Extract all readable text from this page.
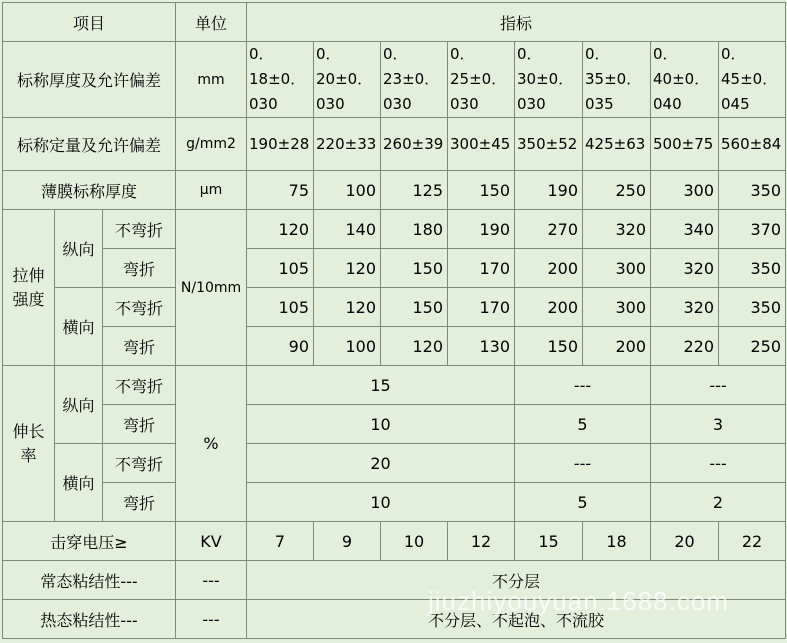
项目			单位	指标							
标称厚度及允许偏差			mm	0．18±0．030	0．20±0．030	0．23±0．030	0．25±0．030	0．30±0．030	0．35±0．035	0．40±0．040	0．45±0．045
标称定量及允许偏差			g/mm2	190±28	220±33	260±39	300±45	350±52	425±63	500±75	560±84
薄膜标称厚度			μm	75	100	125	150	190	250	300	350
拉伸强度	纵向	不弯折	N/10mm	120	140	180	190	270	320	340	370
		弯折		105	120	150	170	200	300	320	350
	横向	不弯折		105	120	150	170	200	300	320	350
		弯折		90	100	120	130	150	200	220	250
伸长率	纵向	不弯折	%	15				---		---	
		弯折		10				5		3	
	横向	不弯折		20				---		---	
		弯折		10				5		2	
击穿电压≥			KV	7	9	10	12	15	18	20	22
常态粘结性---			---	不分层							
热态粘结性---			---	不分层、不起泡、不流胶							
jiuzhiyouyuan.1688.com
